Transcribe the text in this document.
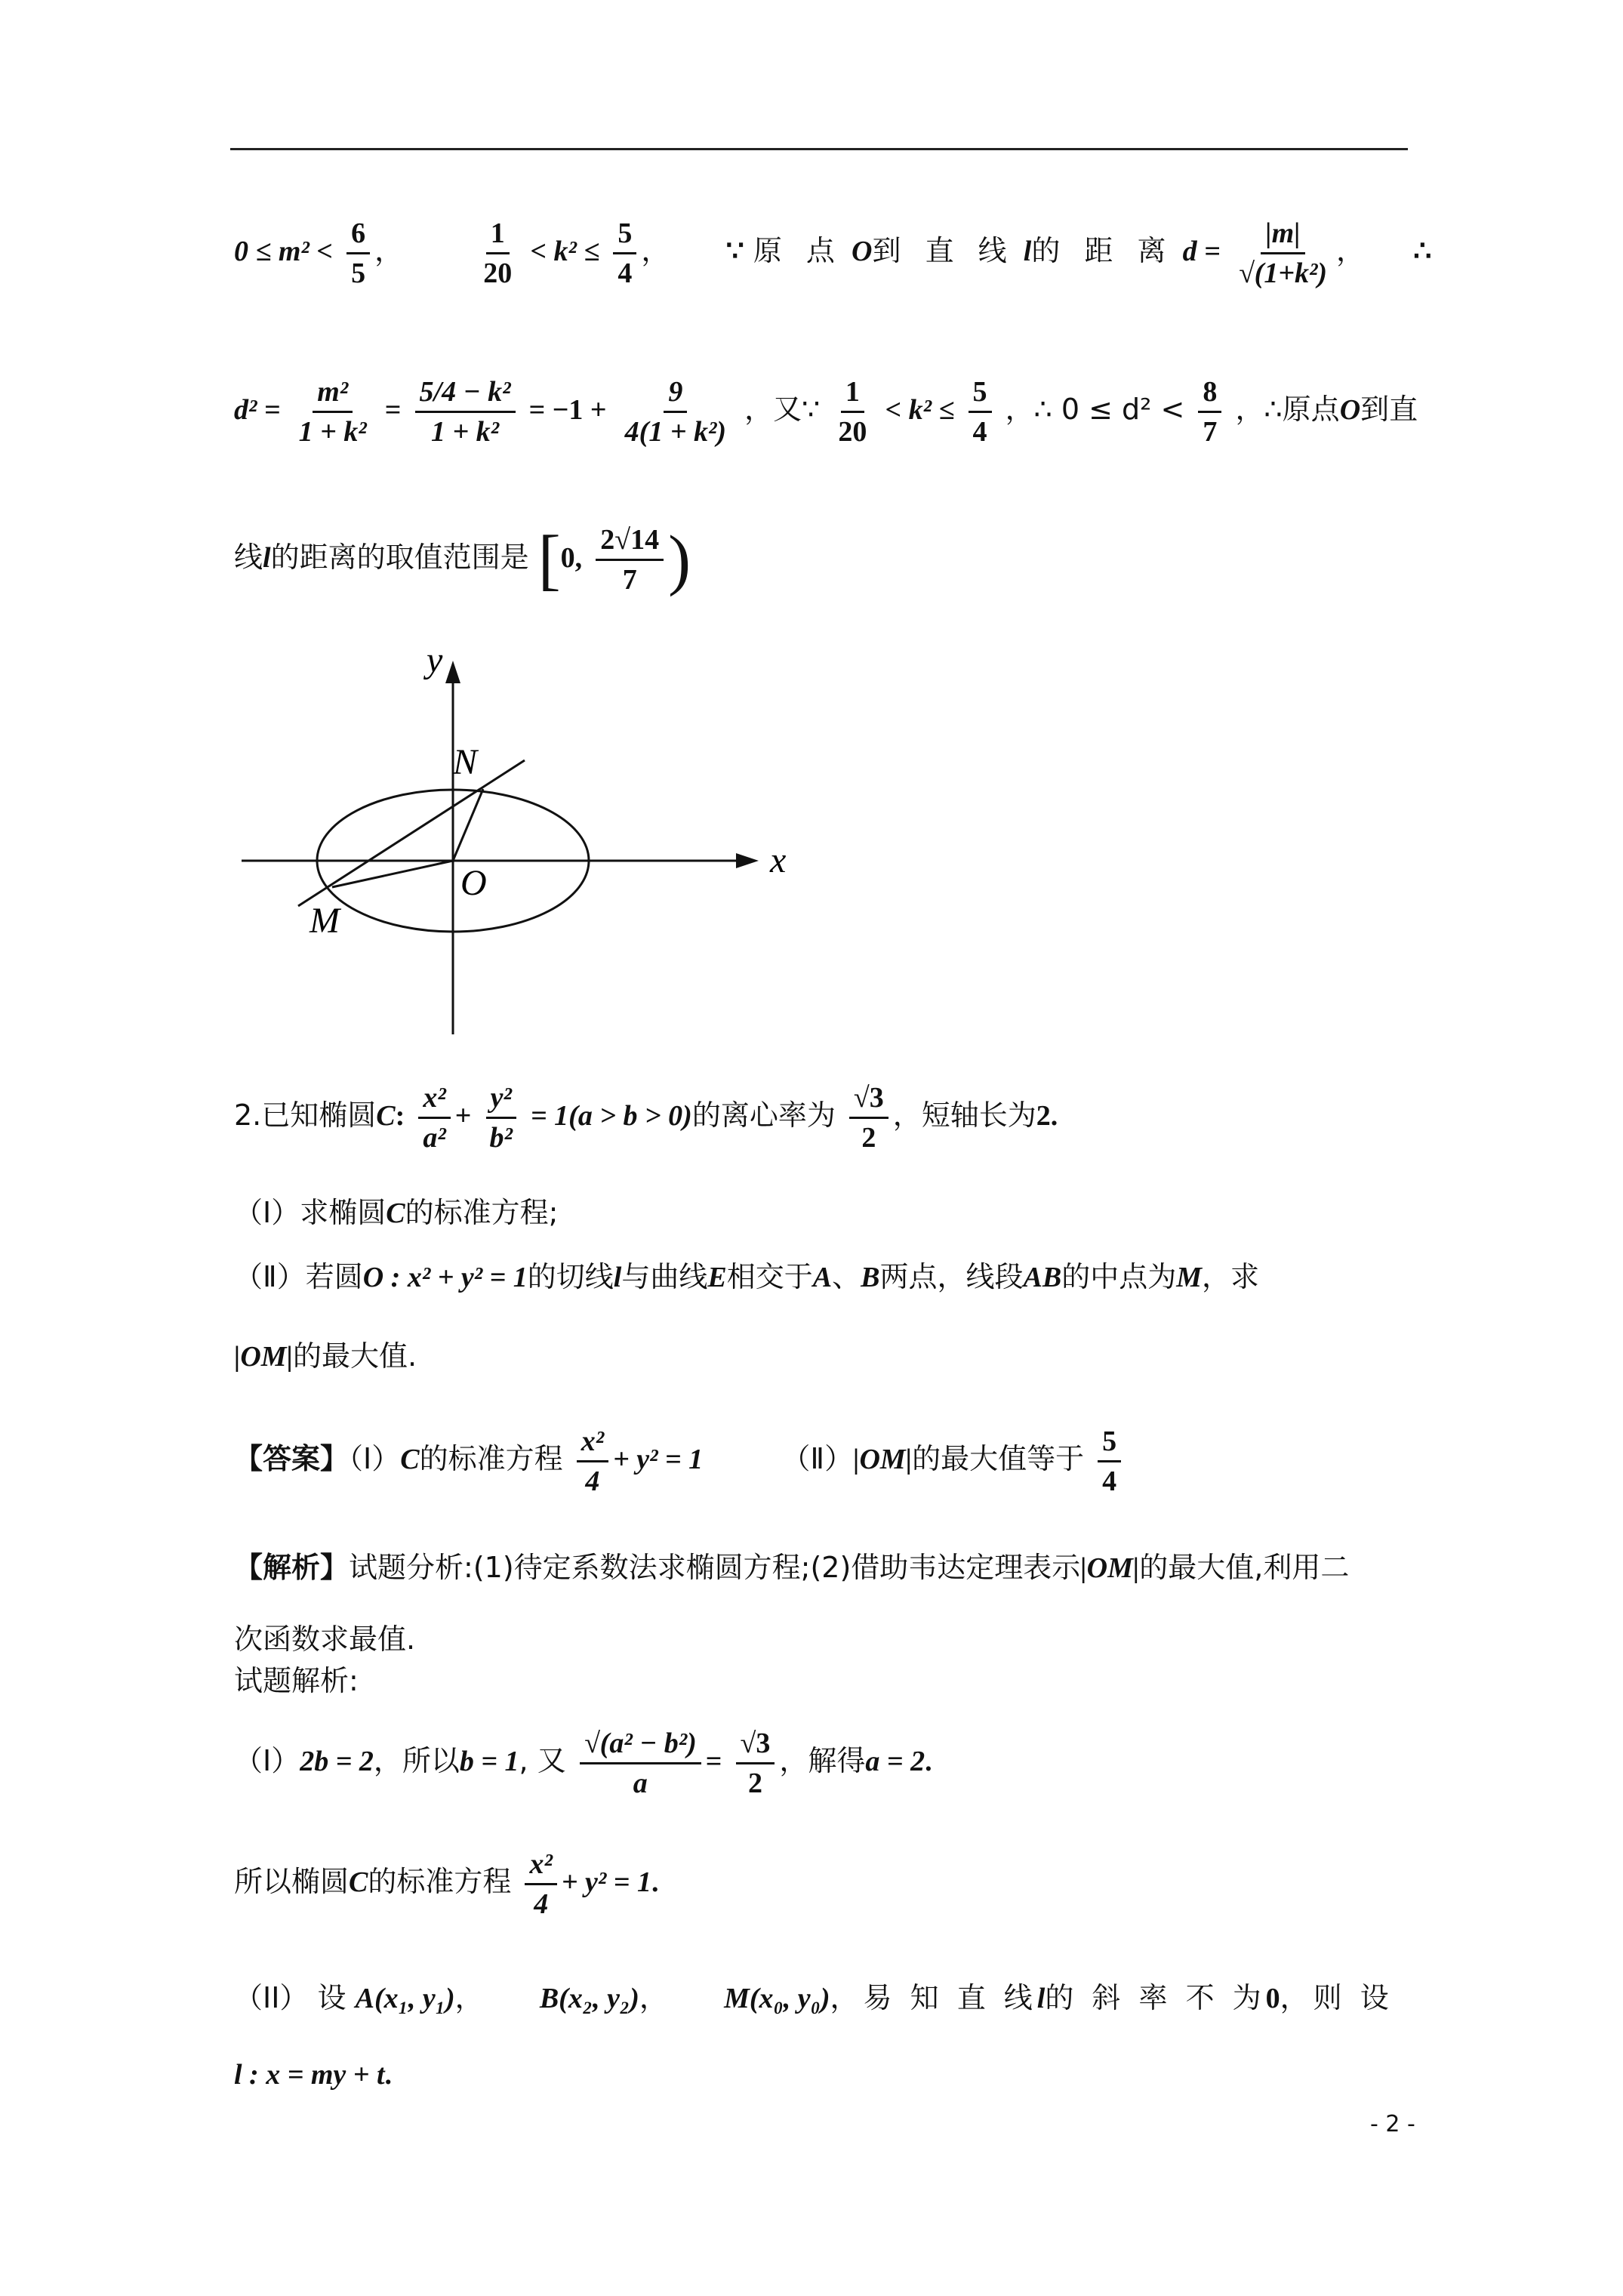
$0 \le m^2 < \frac{6}{5}$ ，	$\frac{1}{20} < k^2 \le \frac{5}{4}$ ， ∵ 原 点 O到 直 线 l的 距 离 $d = \frac{|m|}{\text{√(1+k²)}}$ ， ∴
$d^2 = \frac{\text{m²}}{\text{1 + k²}} = \frac{\text{5/4 − k²}}{\text{1 + k²}} = -1 + \frac{9}{\text{4(1 + k²)}}$ ，又∵ $\frac{1}{20} < k^2 \le \frac{5}{4}$ ，∴ $0 \le d^2 < \frac{8}{7}$ ，∴原点O到直
线l的距离的取值范围是 [0, $\frac{2√14}{7}$ )
y
x
N
O
M
2.已知椭圆C: $\frac{\text{x²}}{\text{a²}} + \frac{\text{y²}}{\text{b²}} = 1(a > b > 0)$的离心率为 $\frac{√3}{2}$ ，短轴长为2.
（Ⅰ）求椭圆C的标准方程;
（Ⅱ）若圆O : x² + y² = 1的切线l与曲线E相交于A、B两点，线段AB的中点为M，求
|OM|的最大值.
【答案】（Ⅰ）C的标准方程 $\frac{\text{x²}}{4} + y^2 = 1$	（Ⅱ）|OM|的最大值等于 $\frac{5}{4}$
【解析】试题分析:(1)待定系数法求椭圆方程;(2)借助韦达定理表示|OM|的最大值,利用二
次函数求最值.
试题解析:
（I）2b = 2，所以b = 1, 又 $\frac{\text{√(a² − b²)}}{a} = \frac{√3}{2}$ ，解得a = 2.
所以椭圆C的标准方程 $\frac{\text{x²}}{4} + y^2 = 1$.
（II） 设 A(x₁, y₁)， B(x₂, y₂)， M(x₀, y₀)，易 知 直 线l的 斜 率 不 为0，则 设
l : x = my + t.
- 2 -
